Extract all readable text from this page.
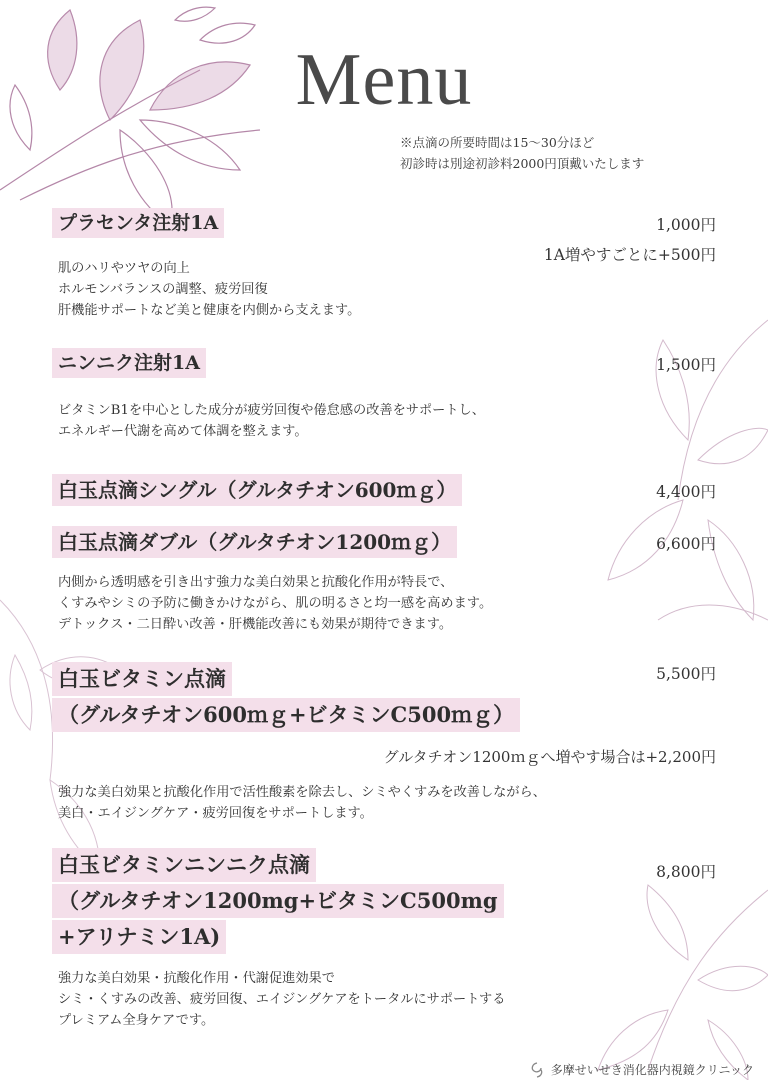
Menu
※点滴の所要時間は15～30分ほど
初診時は別途初診料2000円頂戴いたします
プラセンタ注射1A	1,000円
1A増やすごとに+500円
肌のハリやツヤの向上
ホルモンバランスの調整、疲労回復
肝機能サポートなど美と健康を内側から支えます。
ニンニク注射1A	1,500円
ビタミンB1を中心とした成分が疲労回復や倦怠感の改善をサポートし、
エネルギー代謝を高めて体調を整えます。
白玉点滴シングル（グルタチオン600ｍｇ）	4,400円
白玉点滴ダブル（グルタチオン1200ｍｇ）	6,600円
内側から透明感を引き出す強力な美白効果と抗酸化作用が特長で、
くすみやシミの予防に働きかけながら、肌の明るさと均一感を高めます。
デトックス・二日酔い改善・肝機能改善にも効果が期待できます。
白玉ビタミン点滴
（グルタチオン600ｍｇ+ビタミンC500ｍｇ）
5,500円
グルタチオン1200ｍｇへ増やす場合は+2,200円
強力な美白効果と抗酸化作用で活性酸素を除去し、シミやくすみを改善しながら、
美白・エイジングケア・疲労回復をサポートします。
白玉ビタミンニンニク点滴
（グルタチオン1200mg+ビタミンC500mg
+アリナミン1A)
8,800円
強力な美白効果・抗酸化作用・代謝促進効果で
シミ・くすみの改善、疲労回復、エイジングケアをトータルにサポートする
プレミアム全身ケアです。
多摩せいせき消化器内視鏡クリニック
